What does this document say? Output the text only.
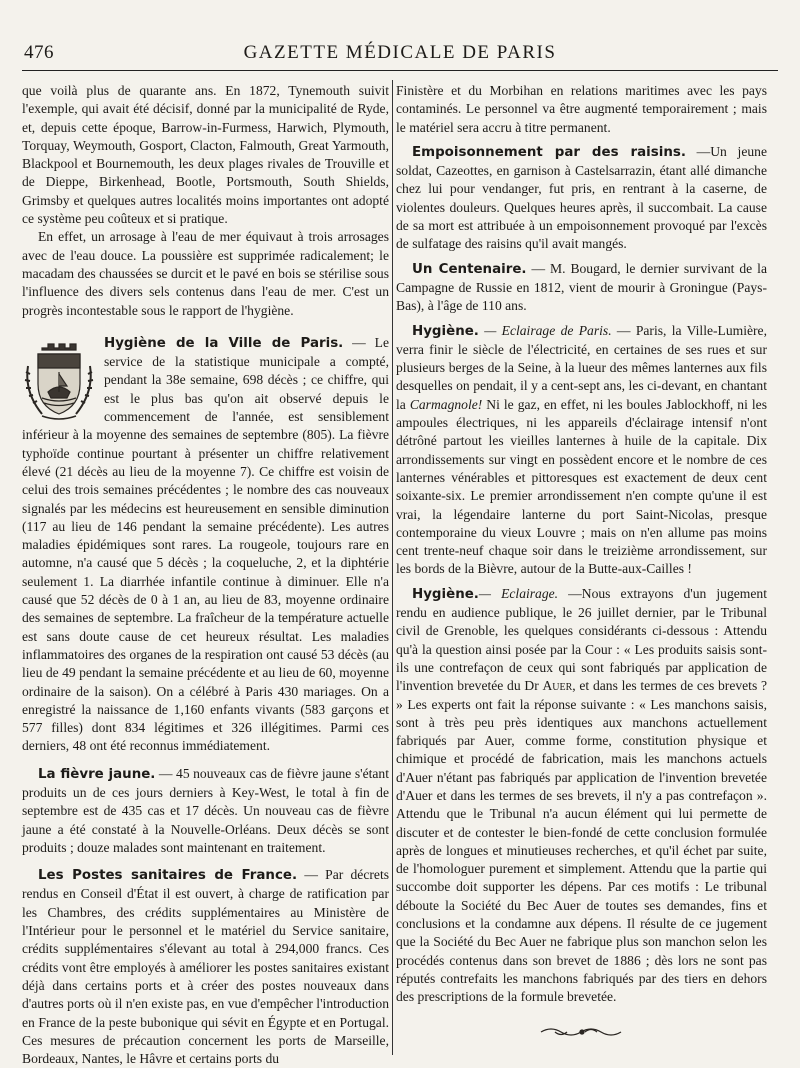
476	GAZETTE MÉDICALE DE PARIS

que voilà plus de quarante ans. En 1872, Tynemouth suivit l'exemple, qui avait été décisif, donné par la municipalité de Ryde, et, depuis cette époque, Barrow-in-Furmess, Harwich, Plymouth, Torquay, Weymouth, Gosport, Clacton, Falmouth, Great Yarmouth, Blackpool et Bournemouth, les deux plages rivales de Trouville et de Dieppe, Birkenhead, Bootle, Portsmouth, South Shields, Grimsby et quelques autres localités moins importantes ont adopté ce système peu coûteux et si pratique.

En effet, un arrosage à l'eau de mer équivaut à trois arrosages avec de l'eau douce. La poussière est supprimée radicalement; le macadam des chaussées se durcit et le pavé en bois se stérilise sous l'influence des divers sels contenus dans l'eau de mer. C'est un progrès incontestable sous le rapport de l'hygiène.

Hygiène de la Ville de Paris. — Le service de la statistique municipale a compté, pendant la 38e semaine, 698 décès ; ce chiffre, qui est le plus bas qu'on ait observé depuis le commencement de l'année, est sensiblement inférieur à la moyenne des semaines de septembre (805). La fièvre typhoïde continue pourtant à présenter un chiffre relativement élevé (21 décès au lieu de la moyenne 7). Ce chiffre est voisin de celui des trois semaines précédentes ; le nombre des cas nouveaux signalés par les médecins est heureusement en sensible diminution (117 au lieu de 146 pendant la semaine précédente). Les autres maladies épidémiques sont rares. La rougeole, toujours rare en automne, n'a causé que 5 décès ; la coqueluche, 2, et la diphtérie seulement 1. La diarrhée infantile continue à diminuer. Elle n'a causé que 52 décès de 0 à 1 an, au lieu de 83, moyenne ordinaire des semaines de septembre. La fraîcheur de la température actuelle est sans doute cause de cet heureux résultat. Les maladies inflammatoires des organes de la respiration ont causé 53 décès (au lieu de 49 pendant la semaine précédente et au lieu de 60, moyenne ordinaire de la saison). On a célébré à Paris 430 mariages. On a enregistré la naissance de 1,160 enfants vivants (583 garçons et 577 filles) dont 834 légitimes et 326 illégitimes. Parmi ces derniers, 48 ont été reconnus immédiatement.

La fièvre jaune. — 45 nouveaux cas de fièvre jaune s'étant produits un de ces jours derniers à Key-West, le total à fin de septembre est de 435 cas et 17 décès. Un nouveau cas de fièvre jaune a été constaté à la Nouvelle-Orléans. Deux décès se sont produits ; douze malades sont maintenant en traitement.

Les Postes sanitaires de France. — Par décrets rendus en Conseil d'État il est ouvert, à charge de ratification par les Chambres, des crédits supplémentaires au Ministère de l'Intérieur pour le personnel et le matériel du Service sanitaire, crédits supplémentaires s'élevant au total à 294,000 francs. Ces crédits vont être employés à améliorer les postes sanitaires existant déjà dans certains ports et à créer des postes nouveaux dans d'autres ports où il n'en existe pas, en vue d'empêcher l'introduction en France de la peste bubonique qui sévit en Égypte et en Portugal. Ces mesures de précaution concernent les ports de Marseille, Bordeaux, Nantes, le Hâvre et certains ports du

Finistère et du Morbihan en relations maritimes avec les pays contaminés. Le personnel va être augmenté temporairement ; mais le matériel sera accru à titre permanent.

Empoisonnement par des raisins. —Un jeune soldat, Cazeottes, en garnison à Castelsarrazin, étant allé dimanche chez lui pour vendanger, fut pris, en rentrant à la caserne, de violentes douleurs. Quelques heures après, il succombait. La cause de sa mort est attribuée à un empoisonnement provoqué par l'excès de sulfatage des raisins qu'il avait mangés.

Un Centenaire. — M. Bougard, le dernier survivant de la Campagne de Russie en 1812, vient de mourir à Groningue (Pays-Bas), à l'âge de 110 ans.

Hygiène. — Eclairage de Paris. — Paris, la Ville-Lumière, verra finir le siècle de l'électricité, en certaines de ses rues et sur plusieurs berges de la Seine, à la lueur des mêmes lanternes aux fils desquelles on pendait, il y a cent-sept ans, les ci-devant, en chantant la Carmagnole! Ni le gaz, en effet, ni les boules Jablockhoff, ni les ampoules électriques, ni les appareils d'éclairage intensif n'ont détrôné partout les vieilles lanternes à huile de la capitale. Dix arrondissements sur vingt en possèdent encore et le nombre de ces lanternes vénérables et pittoresques est exactement de deux cent soixante-six. Le premier arrondissement n'en compte qu'une il est vrai, la légendaire lanterne du port Saint-Nicolas, presque contemporaine du vieux Louvre ; mais on n'en allume pas moins cent trente-neuf chaque soir dans le treizième arrondissement, sur les bords de la Bièvre, autour de la Butte-aux-Cailles !

Hygiène.— Eclairage. —Nous extrayons d'un jugement rendu en audience publique, le 26 juillet dernier, par le Tribunal civil de Grenoble, les quelques considérants ci-dessous : Attendu qu'à la question ainsi posée par la Cour : « Les produits saisis sont-ils une contrefaçon de ceux qui sont fabriqués par application de l'invention brevetée du Dr Auer, et dans les termes de ces brevets ? » Les experts ont fait la réponse suivante : « Les manchons saisis, sont à très peu près identiques aux manchons actuellement fabriqués par Auer, comme forme, constitution physique et chimique et procédé de fabrication, mais les manchons actuels d'Auer n'étant pas fabriqués par application de l'invention brevetée d'Auer et dans les termes de ses brevets, il n'y a pas contrefaçon ». Attendu que le Tribunal n'a aucun élément qui lui permette de discuter et de contester le bien-fondé de cette conclusion formulée après de longues et minutieuses recherches, et qu'il échet par suite, de l'homologuer purement et simplement. Attendu que la partie qui succombe doit supporter les dépens. Par ces motifs : Le tribunal déboute la Société du Bec Auer de toutes ses demandes, fins et conclusions et la condamne aux dépens. Il résulte de ce jugement que la Société du Bec Auer ne fabrique plus son manchon selon les procédés contenus dans son brevet de 1886 ; dès lors ne sont pas réputés contrefaits les manchons fabriqués par des tiers en dehors des prescriptions de la formule brevetée.
